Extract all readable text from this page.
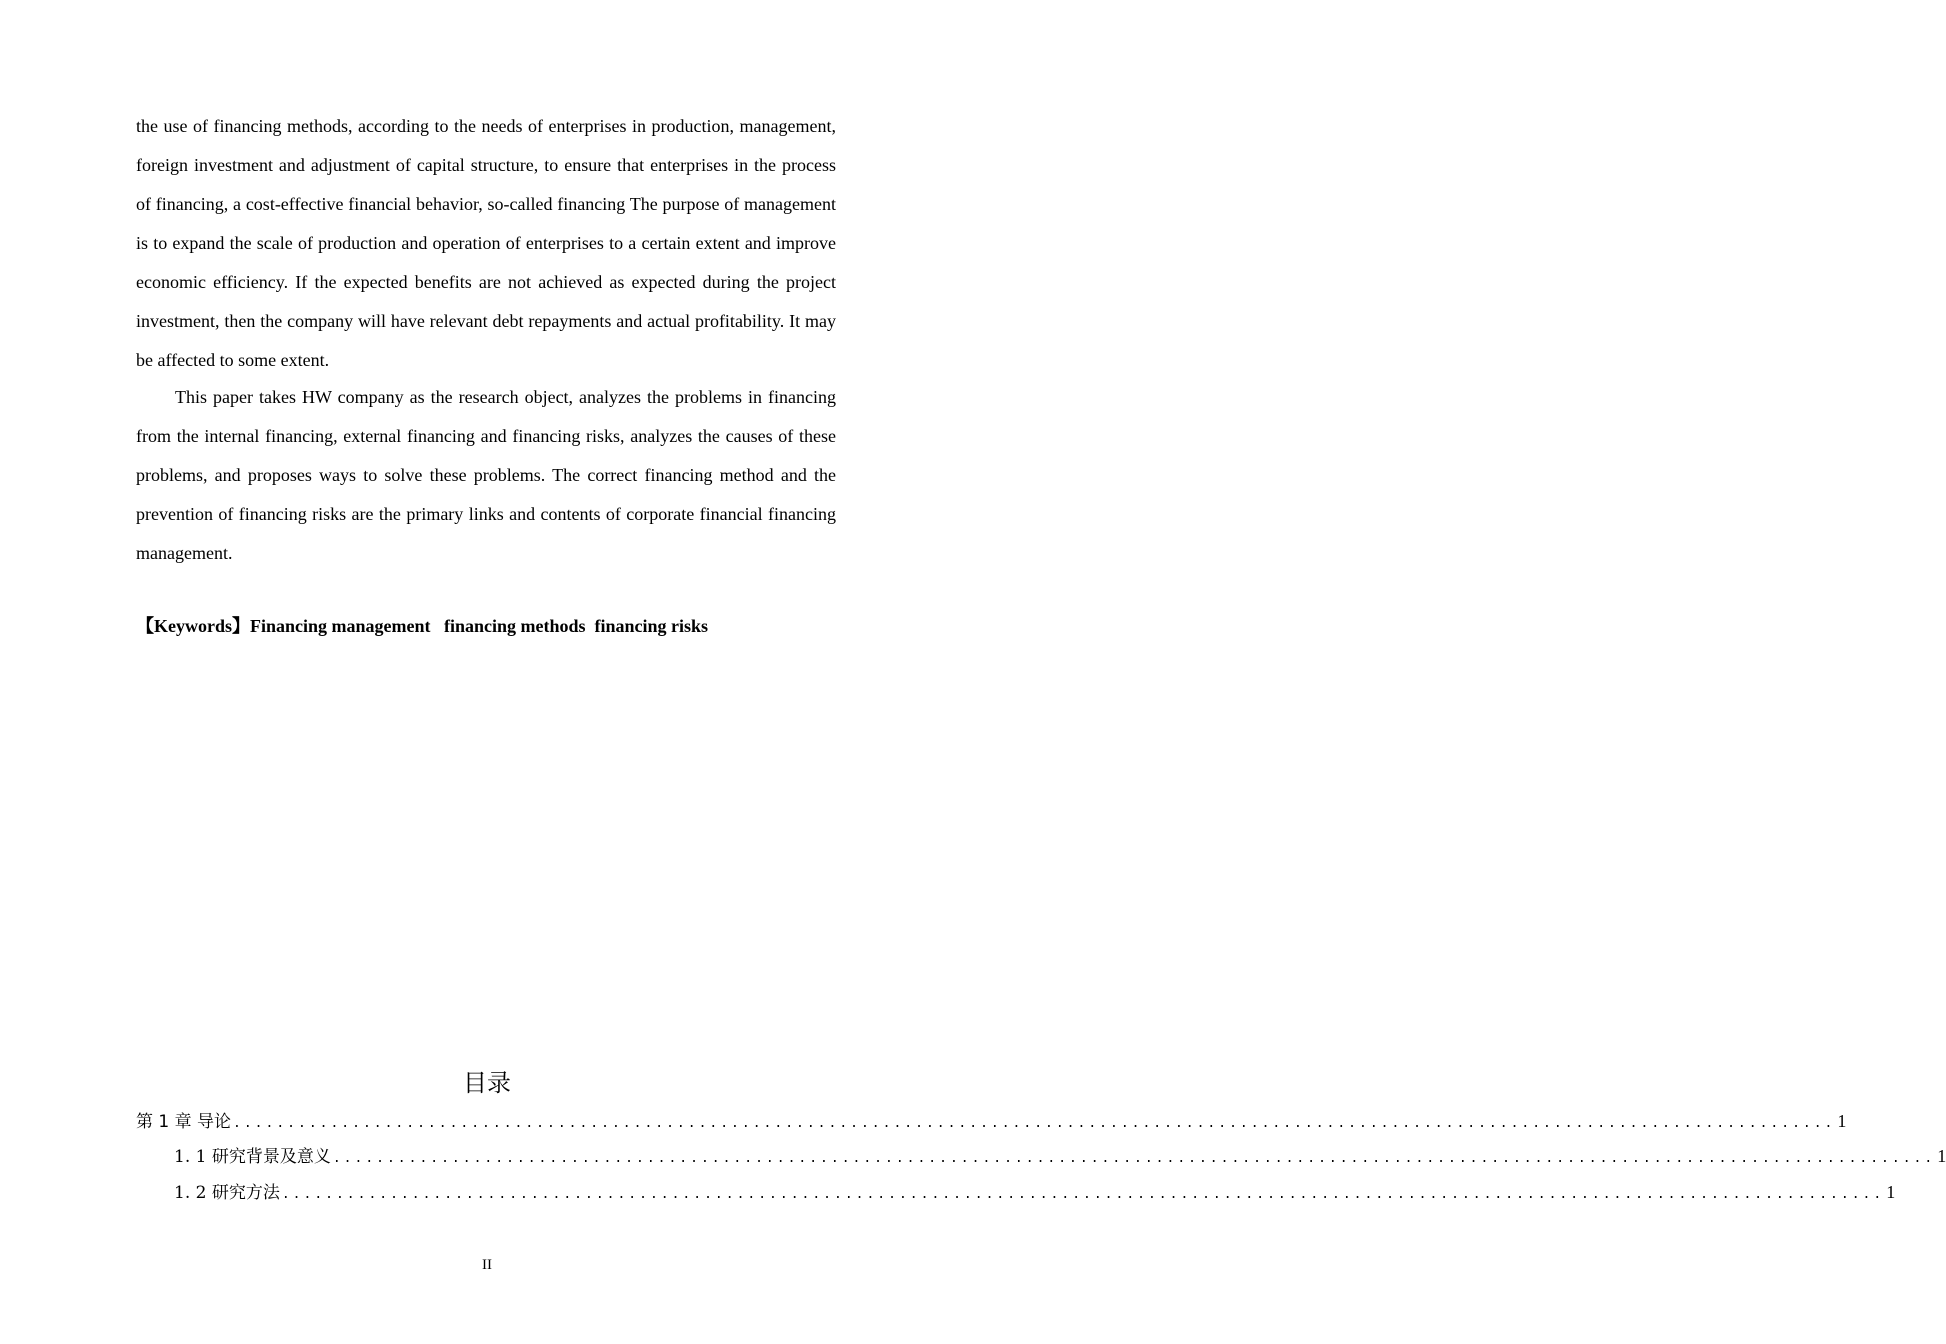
the use of financing methods, according to the needs of enterprises in production, management, foreign investment and adjustment of capital structure, to ensure that enterprises in the process of financing, a cost-effective financial behavior, so-called financing The purpose of management is to expand the scale of production and operation of enterprises to a certain extent and improve economic efficiency. If the expected benefits are not achieved as expected during the project investment, then the company will have relevant debt repayments and actual profitability. It may be affected to some extent.

This paper takes HW company as the research object, analyzes the problems in financing from the internal financing, external financing and financing risks, analyzes the causes of these problems, and proposes ways to solve these problems. The correct financing method and the prevention of financing risks are the primary links and contents of corporate financial financing management.

【Keywords】Financing management   financing methods  financing risks
目录
第 1 章 导论 .................................................................................................................................................... 1
1. 1 研究背景及意义 .................................................................................................................................................... 1
1. 2 研究方法 .................................................................................................................................................... 1
II
